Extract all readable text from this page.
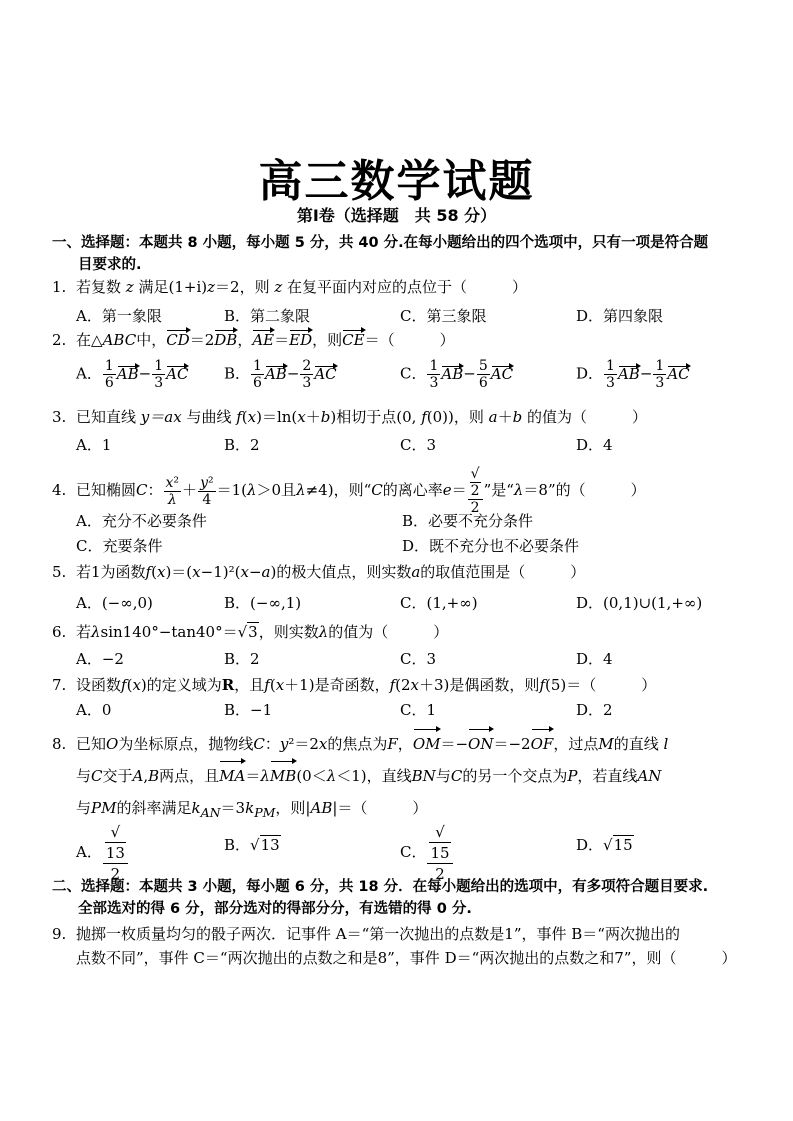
高三数学试题
第Ⅰ卷（选择题　共 58 分）
一、选择题：本题共 8 小题，每小题 5 分，共 40 分.在每小题给出的四个选项中，只有一项是符合题
目要求的.
1. 若复数 z 满足(1+i)z＝2，则 z 在复平面内对应的点位于（　　　）
A．第一象限	B．第二象限	C．第三象限	D．第四象限
2. 在△ABC中，CD＝2DB，AE＝ED，则CE＝（　　　）
A． $\frac{1}{6} AB- \frac{1}{3}$ AC B． $\frac{1}{6} AB- \frac{2}{3}$ AC	C． $\frac{1}{3} AB- \frac{5}{6}$ AC	D． $\frac{1}{3} AB- \frac{1}{3}$ AC
3. 已知直线 y＝ax 与曲线 f(x)＝ln(x＋b)相切于点(0, f(0))，则 a＋b 的值为（　　　）
A．1	B．2	C．3	D．4
4. 已知椭圆C： $\frac{\text{x²}}{\lambda} + \frac{\text{y²}}{4} =1(\lambda>0$且λ≠4)，则“C的离心率e＝ √
2
2 ”是“λ＝8”的（　　　）
A．充分不必要条件	B．必要不充分条件
C．充要条件	D．既不充分也不必要条件
5. 若1为函数f(x)＝(x−1)²(x−a)的极大值点，则实数a的取值范围是（　　　）
A．(−∞,0)	B．(−∞,1)	C．(1,+∞)	D．(0,1)∪(1,+∞)
6. 若λsin140°−tan40°＝√3，则实数λ的值为（　　　）
A．−2	B．2	C．3	D．4
7. 设函数f(x)的定义域为R，且f(x＋1)是奇函数，f(2x＋3)是偶函数，则f(5)＝（　　　）
A．0	B．−1	C．1	D．2
8. 已知O为坐标原点，抛物线C：y²＝2x的焦点为F，OM＝−ON＝−2OF，过点M的直线 l
与C交于A,B两点，且MA＝λMB(0＜λ＜1)，直线BN与C的另一个交点为P，若直线AN
与PM的斜率满足$k_{AN}=3k_{PM}$，则|AB|＝（　　　）
A． √
13
2	B．√13	C． √
15
2	D．√15
二、选择题：本题共 3 小题，每小题 6 分，共 18 分．在每小题给出的选项中，有多项符合题目要求.
全部选对的得 6 分，部分选对的得部分分，有选错的得 0 分.
9. 抛掷一枚质量均匀的骰子两次．记事件 A＝“第一次抛出的点数是1”，事件 B＝“两次抛出的
点数不同”，事件 C＝“两次抛出的点数之和是8”，事件 D＝“两次抛出的点数之和7”，则（　　　）
